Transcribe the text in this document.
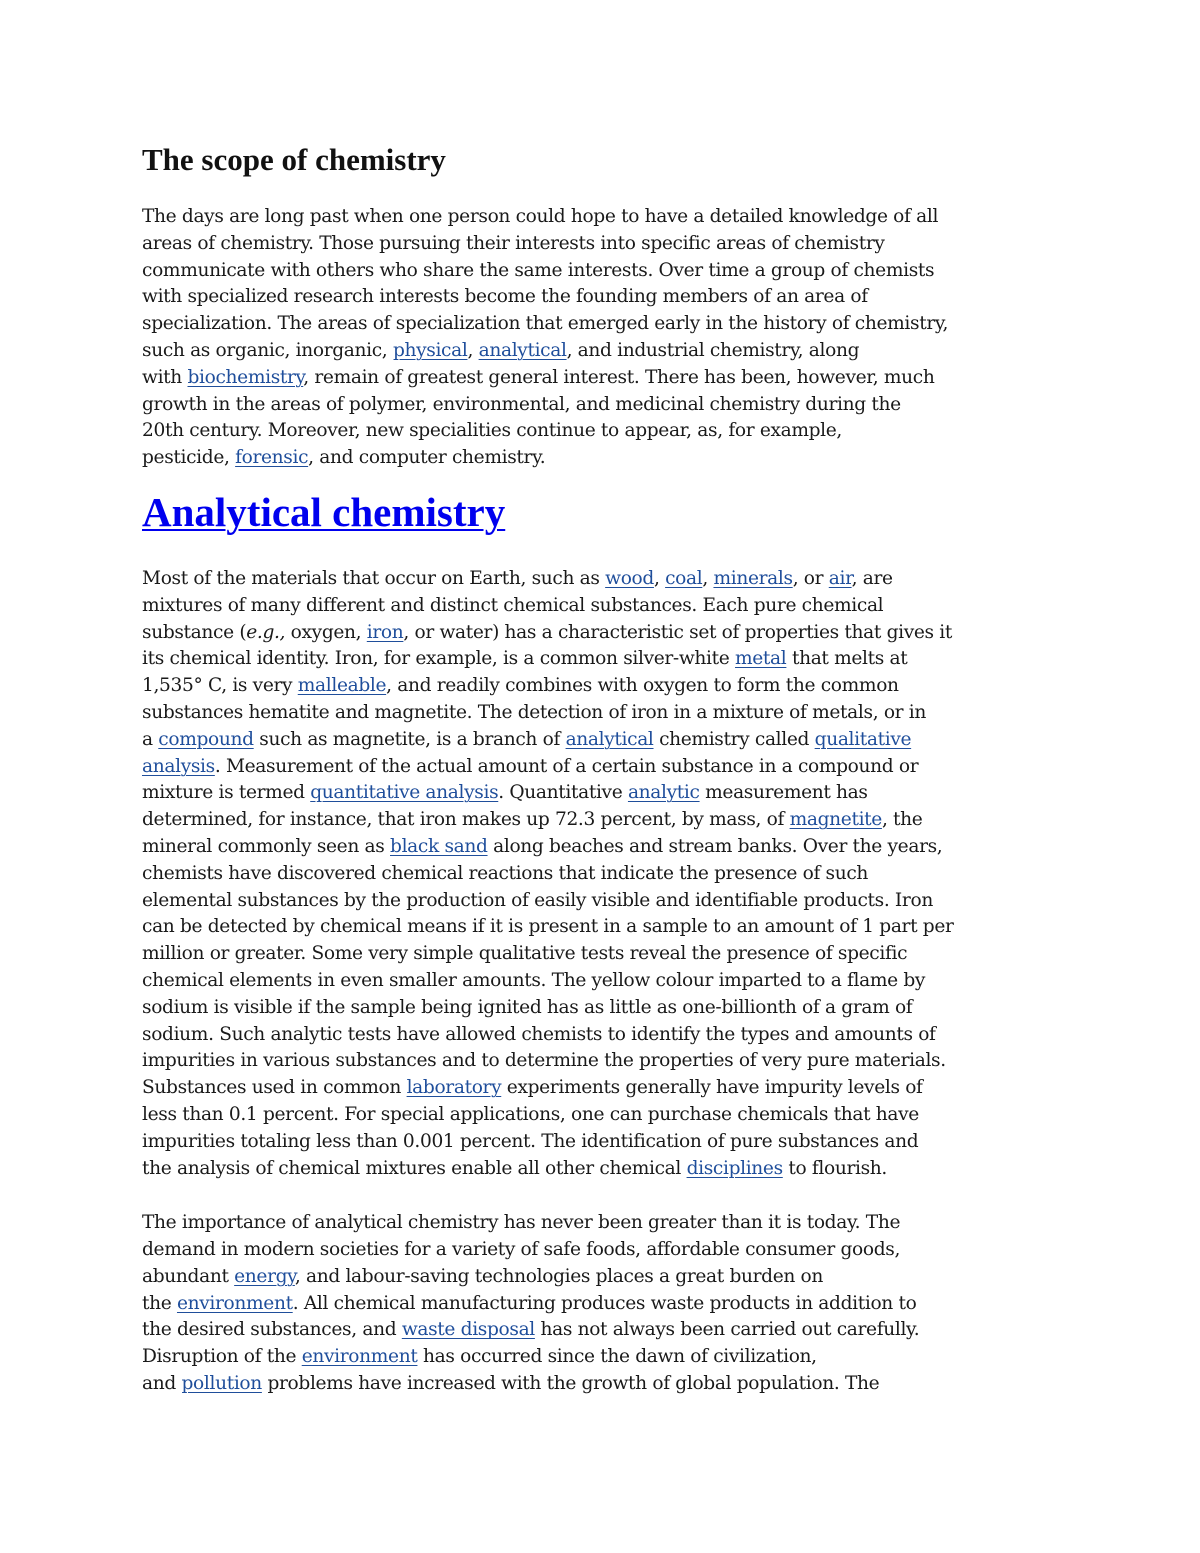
The scope of chemistry

The days are long past when one person could hope to have a detailed knowledge of all
areas of chemistry. Those pursuing their interests into specific areas of chemistry
communicate with others who share the same interests. Over time a group of chemists
with specialized research interests become the founding members of an area of
specialization. The areas of specialization that emerged early in the history of chemistry,
such as organic, inorganic, physical, analytical, and industrial chemistry, along
with biochemistry, remain of greatest general interest. There has been, however, much
growth in the areas of polymer, environmental, and medicinal chemistry during the
20th century. Moreover, new specialities continue to appear, as, for example,
pesticide, forensic, and computer chemistry.

Analytical chemistry

Most of the materials that occur on Earth, such as wood, coal, minerals, or air, are
mixtures of many different and distinct chemical substances. Each pure chemical
substance (e.g., oxygen, iron, or water) has a characteristic set of properties that gives it
its chemical identity. Iron, for example, is a common silver-white metal that melts at
1,535° C, is very malleable, and readily combines with oxygen to form the common
substances hematite and magnetite. The detection of iron in a mixture of metals, or in
a compound such as magnetite, is a branch of analytical chemistry called qualitative
analysis. Measurement of the actual amount of a certain substance in a compound or
mixture is termed quantitative analysis. Quantitative analytic measurement has
determined, for instance, that iron makes up 72.3 percent, by mass, of magnetite, the
mineral commonly seen as black sand along beaches and stream banks. Over the years,
chemists have discovered chemical reactions that indicate the presence of such
elemental substances by the production of easily visible and identifiable products. Iron
can be detected by chemical means if it is present in a sample to an amount of 1 part per
million or greater. Some very simple qualitative tests reveal the presence of specific
chemical elements in even smaller amounts. The yellow colour imparted to a flame by
sodium is visible if the sample being ignited has as little as one-billionth of a gram of
sodium. Such analytic tests have allowed chemists to identify the types and amounts of
impurities in various substances and to determine the properties of very pure materials.
Substances used in common laboratory experiments generally have impurity levels of
less than 0.1 percent. For special applications, one can purchase chemicals that have
impurities totaling less than 0.001 percent. The identification of pure substances and
the analysis of chemical mixtures enable all other chemical disciplines to flourish.

The importance of analytical chemistry has never been greater than it is today. The
demand in modern societies for a variety of safe foods, affordable consumer goods,
abundant energy, and labour-saving technologies places a great burden on
the environment. All chemical manufacturing produces waste products in addition to
the desired substances, and waste disposal has not always been carried out carefully.
Disruption of the environment has occurred since the dawn of civilization,
and pollution problems have increased with the growth of global population. The
